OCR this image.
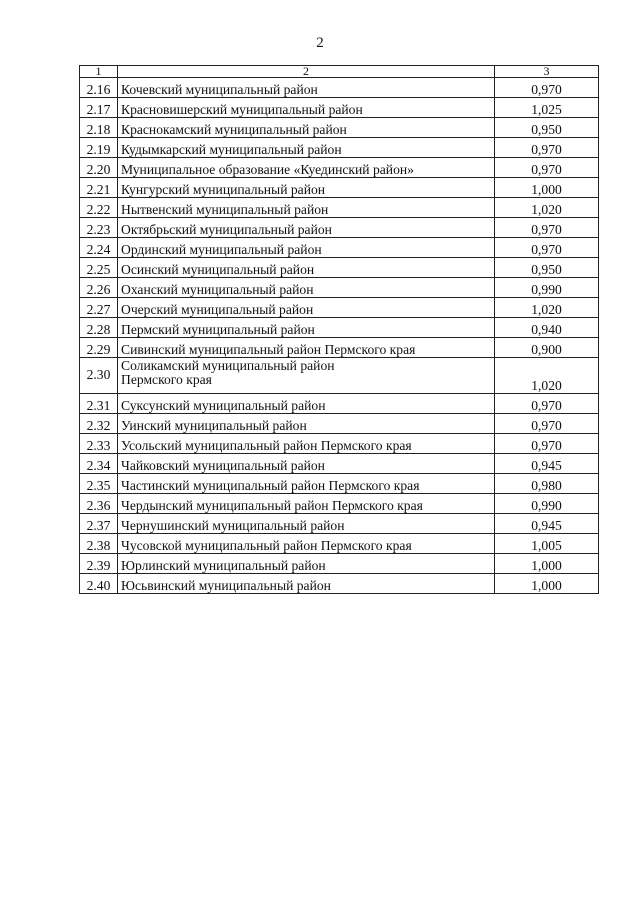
2
1	2	3
2.16	Кочевский муниципальный район	0,970
2.17	Красновишерский муниципальный район	1,025
2.18	Краснокамский муниципальный район	0,950
2.19	Кудымкарский муниципальный район	0,970
2.20	Муниципальное образование «Куединский район»	0,970
2.21	Кунгурский муниципальный район	1,000
2.22	Нытвенский муниципальный район	1,020
2.23	Октябрьский муниципальный район	0,970
2.24	Ординский муниципальный район	0,970
2.25	Осинский муниципальный район	0,950
2.26	Оханский муниципальный район	0,990
2.27	Очерский муниципальный район	1,020
2.28	Пермский муниципальный район	0,940
2.29	Сивинский муниципальный район Пермского края	0,900
2.30	Соликамский муниципальный район
Пермского края	1,020
2.31	Суксунский муниципальный район	0,970
2.32	Уинский муниципальный район	0,970
2.33	Усольский муниципальный район Пермского края	0,970
2.34	Чайковский муниципальный район	0,945
2.35	Частинский муниципальный район Пермского края	0,980
2.36	Чердынский муниципальный район Пермского края	0,990
2.37	Чернушинский муниципальный район	0,945
2.38	Чусовской муниципальный район Пермского края	1,005
2.39	Юрлинский муниципальный район	1,000
2.40	Юсьвинский муниципальный район	1,000
